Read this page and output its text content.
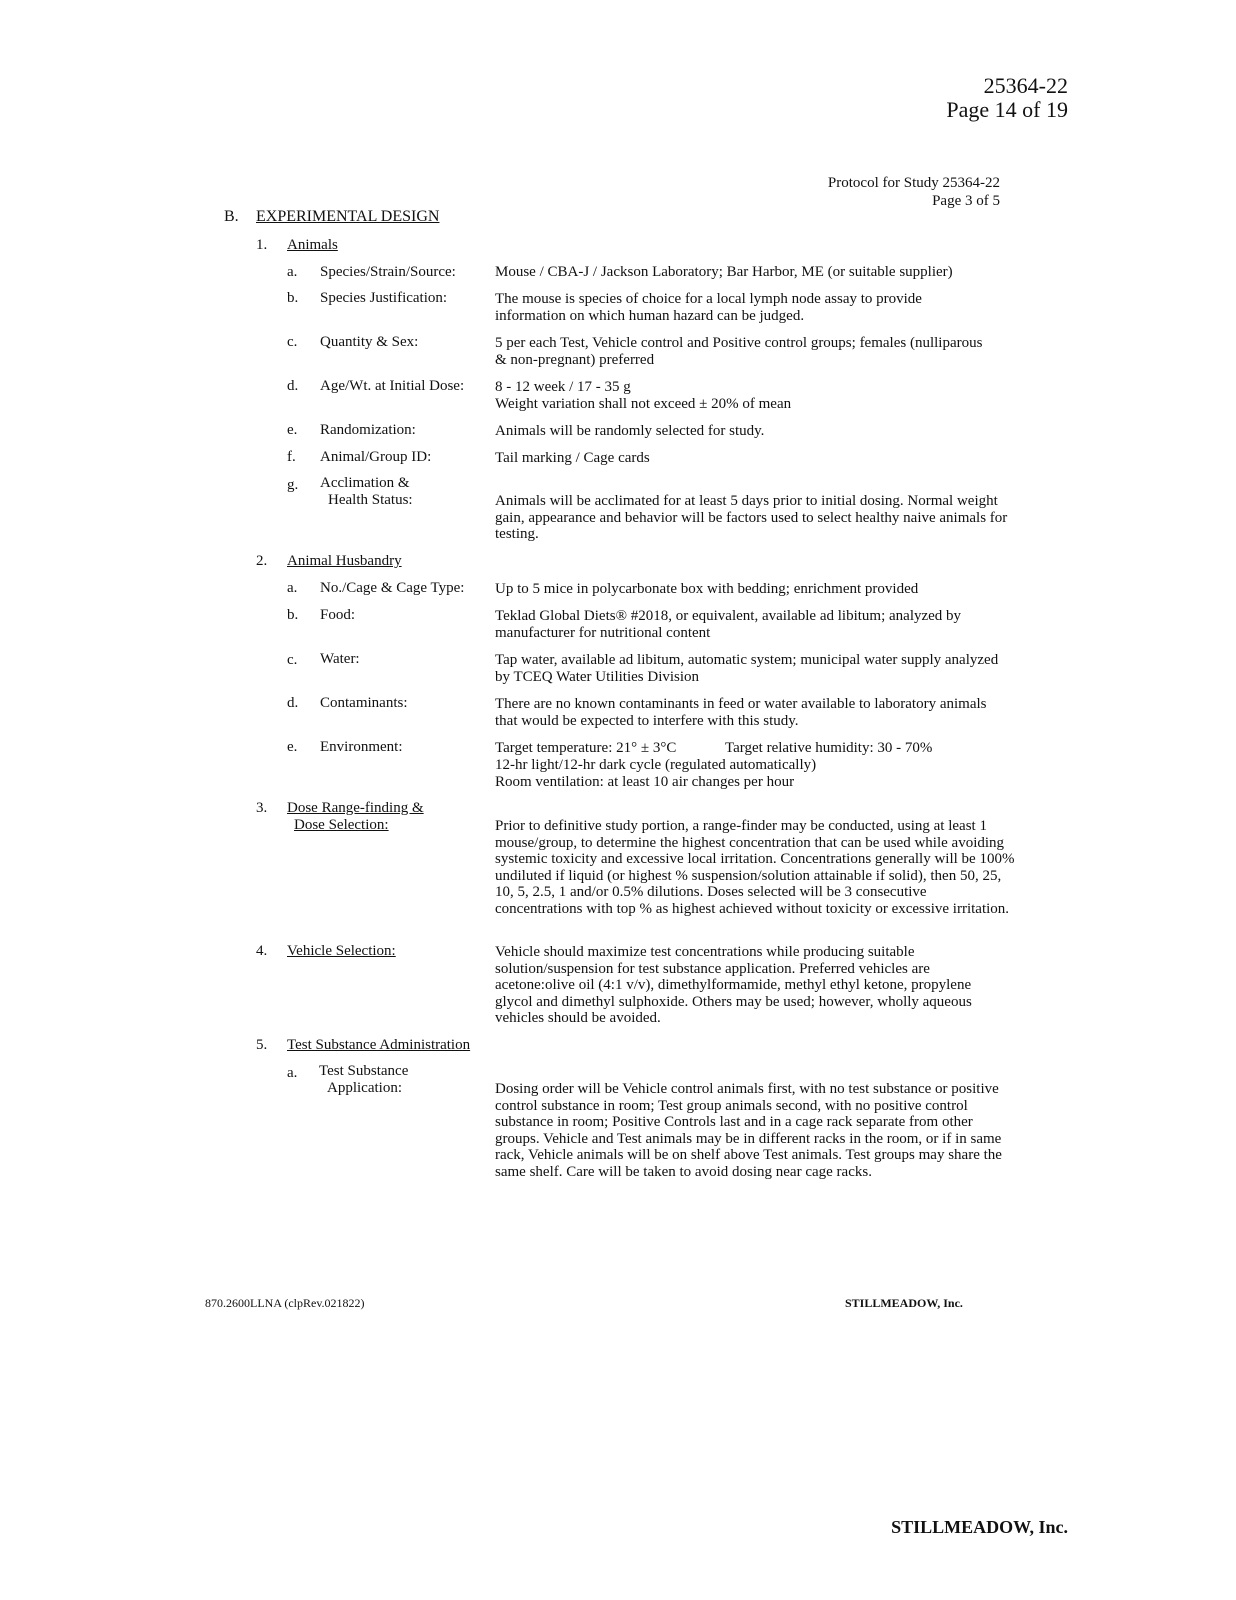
25364-22
Page 14 of 19
Protocol for Study 25364-22
Page 3 of 5
B. EXPERIMENTAL DESIGN
1. Animals
a. Species/Strain/Source:	Mouse / CBA-J / Jackson Laboratory; Bar Harbor, ME (or suitable supplier)
b. Species Justification:	The mouse is species of choice for a local lymph node assay to provide information on which human hazard can be judged.
c. Quantity & Sex:	5 per each Test, Vehicle control and Positive control groups; females (nulliparous & non-pregnant) preferred
d. Age/Wt. at Initial Dose: 8 - 12 week / 17 - 35 g
Weight variation shall not exceed ± 20% of mean
e. Randomization:	Animals will be randomly selected for study.
f. Animal/Group ID:	Tail marking / Cage cards
g. Acclimation &
Health Status:	Animals will be acclimated for at least 5 days prior to initial dosing. Normal weight gain, appearance and behavior will be factors used to select healthy naive animals for testing.
2. Animal Husbandry
a. No./Cage & Cage Type: Up to 5 mice in polycarbonate box with bedding; enrichment provided
b. Food:	Teklad Global Diets® #2018, or equivalent, available ad libitum; analyzed by manufacturer for nutritional content
c. Water:	Tap water, available ad libitum, automatic system; municipal water supply analyzed by TCEQ Water Utilities Division
d. Contaminants:	There are no known contaminants in feed or water available to laboratory animals that would be expected to interfere with this study.
e. Environment:	Target temperature: 21° ± 3°C	Target relative humidity: 30 - 70%
12-hr light/12-hr dark cycle (regulated automatically)
Room ventilation: at least 10 air changes per hour
3. Dose Range-finding &
Dose Selection:	Prior to definitive study portion, a range-finder may be conducted, using at least 1 mouse/group, to determine the highest concentration that can be used while avoiding systemic toxicity and excessive local irritation. Concentrations generally will be 100% undiluted if liquid (or highest % suspension/solution attainable if solid), then 50, 25, 10, 5, 2.5, 1 and/or 0.5% dilutions. Doses selected will be 3 consecutive concentrations with top % as highest achieved without toxicity or excessive irritation.
4. Vehicle Selection:	Vehicle should maximize test concentrations while producing suitable solution/suspension for test substance application. Preferred vehicles are acetone:olive oil (4:1 v/v), dimethylformamide, methyl ethyl ketone, propylene glycol and dimethyl sulphoxide. Others may be used; however, wholly aqueous vehicles should be avoided.
5. Test Substance Administration
a. Test Substance
Application:	Dosing order will be Vehicle control animals first, with no test substance or positive control substance in room; Test group animals second, with no positive control substance in room; Positive Controls last and in a cage rack separate from other groups. Vehicle and Test animals may be in different racks in the room, or if in same rack, Vehicle animals will be on shelf above Test animals. Test groups may share the same shelf. Care will be taken to avoid dosing near cage racks.
870.2600LLNA (clpRev.021822)	STILLMEADOW, Inc.
STILLMEADOW, Inc.
